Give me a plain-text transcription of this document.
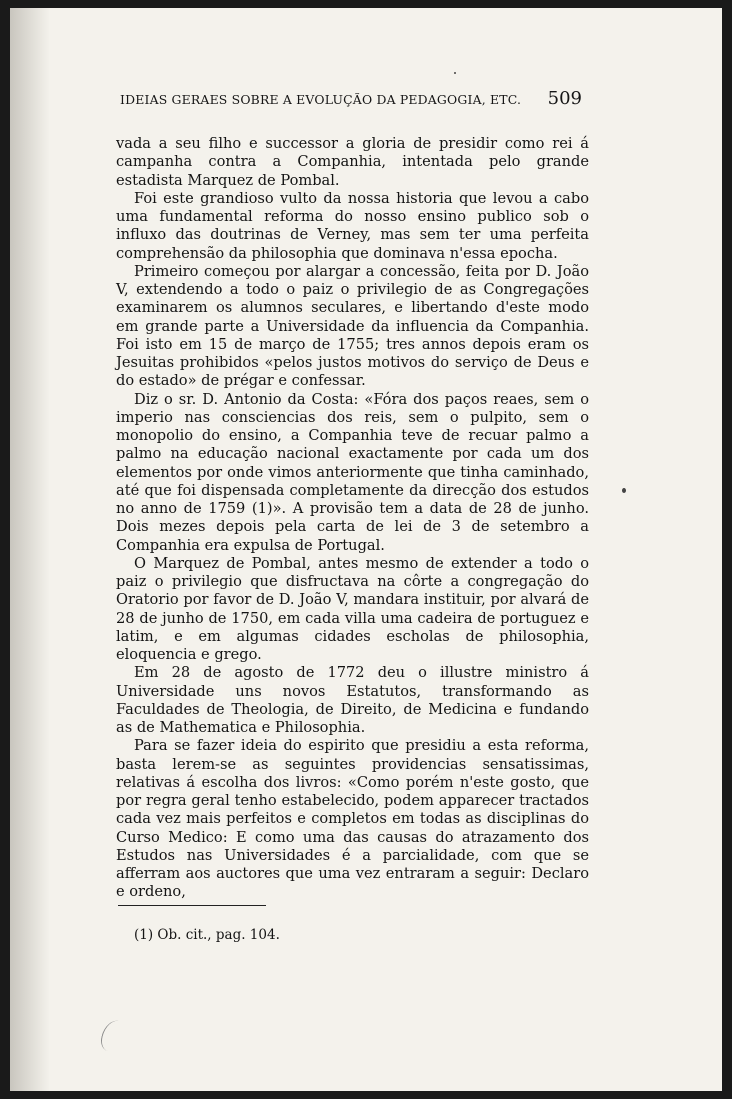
IDEIAS GERAES SOBRE A EVOLUÇÃO DA PEDAGOGIA, ETC. 509

vada a seu filho e successor a gloria de presidir como rei á campanha contra a Companhia, intentada pelo grande estadista Marquez de Pombal.

Foi este grandioso vulto da nossa historia que levou a cabo uma fundamental reforma do nosso ensino publico sob o influxo das doutrinas de Verney, mas sem ter uma perfeita comprehensão da philosophia que dominava n'essa epocha.

Primeiro começou por alargar a concessão, feita por D. João V, extendendo a todo o paiz o privilegio de as Congregações examinarem os alumnos seculares, e libertando d'este modo em grande parte a Universidade da influencia da Companhia. Foi isto em 15 de março de 1755; tres annos depois eram os Jesuitas prohibidos «pelos justos motivos do serviço de Deus e do estado» de prégar e confessar.

Diz o sr. D. Antonio da Costa: «Fóra dos paços reaes, sem o imperio nas consciencias dos reis, sem o pulpito, sem o monopolio do ensino, a Companhia teve de recuar palmo a palmo na educação nacional exactamente por cada um dos elementos por onde vimos anteriormente que tinha caminhado, até que foi dispensada completamente da direcção dos estudos no anno de 1759 (1)». A provisão tem a data de 28 de junho. Dois mezes depois pela carta de lei de 3 de setembro a Companhia era expulsa de Portugal.

O Marquez de Pombal, antes mesmo de extender a todo o paiz o privilegio que disfructava na côrte a congregação do Oratorio por favor de D. João V, mandara instituir, por alvará de 28 de junho de 1750, em cada villa uma cadeira de portuguez e latim, e em algumas cidades escholas de philosophia, eloquencia e grego.

Em 28 de agosto de 1772 deu o illustre ministro á Universidade uns novos Estatutos, transformando as Faculdades de Theologia, de Direito, de Medicina e fundando as de Mathematica e Philosophia.

Para se fazer ideia do espirito que presidiu a esta reforma, basta lerem-se as seguintes providencias sensatissimas, relativas á escolha dos livros: «Como porém n'este gosto, que por regra geral tenho estabelecido, podem apparecer tractados cada vez mais perfeitos e completos em todas as disciplinas do Curso Medico: E como uma das causas do atrazamento dos Estudos nas Universidades é a parcialidade, com que se afferram aos auctores que uma vez entraram a seguir: Declaro e ordeno,

(1) Ob. cit., pag. 104.
